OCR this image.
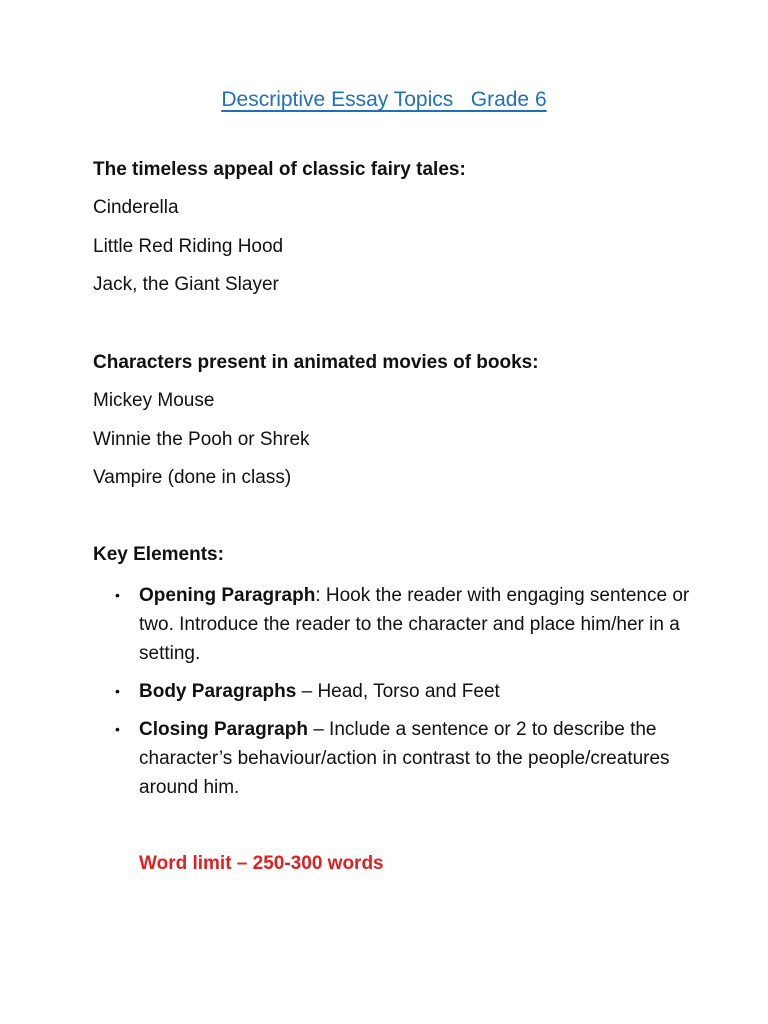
Descriptive Essay Topics   Grade 6
The timeless appeal of classic fairy tales:
Cinderella
Little Red Riding Hood
Jack, the Giant Slayer
Characters present in animated movies of books:
Mickey Mouse
Winnie the Pooh or Shrek
Vampire (done in class)
Key Elements:
• Opening Paragraph: Hook the reader with engaging sentence or two. Introduce the reader to the character and place him/her in a setting.
• Body Paragraphs – Head, Torso and Feet
• Closing Paragraph – Include a sentence or 2 to describe the character’s behaviour/action in contrast to the people/creatures around him.
Word limit – 250-300 words
